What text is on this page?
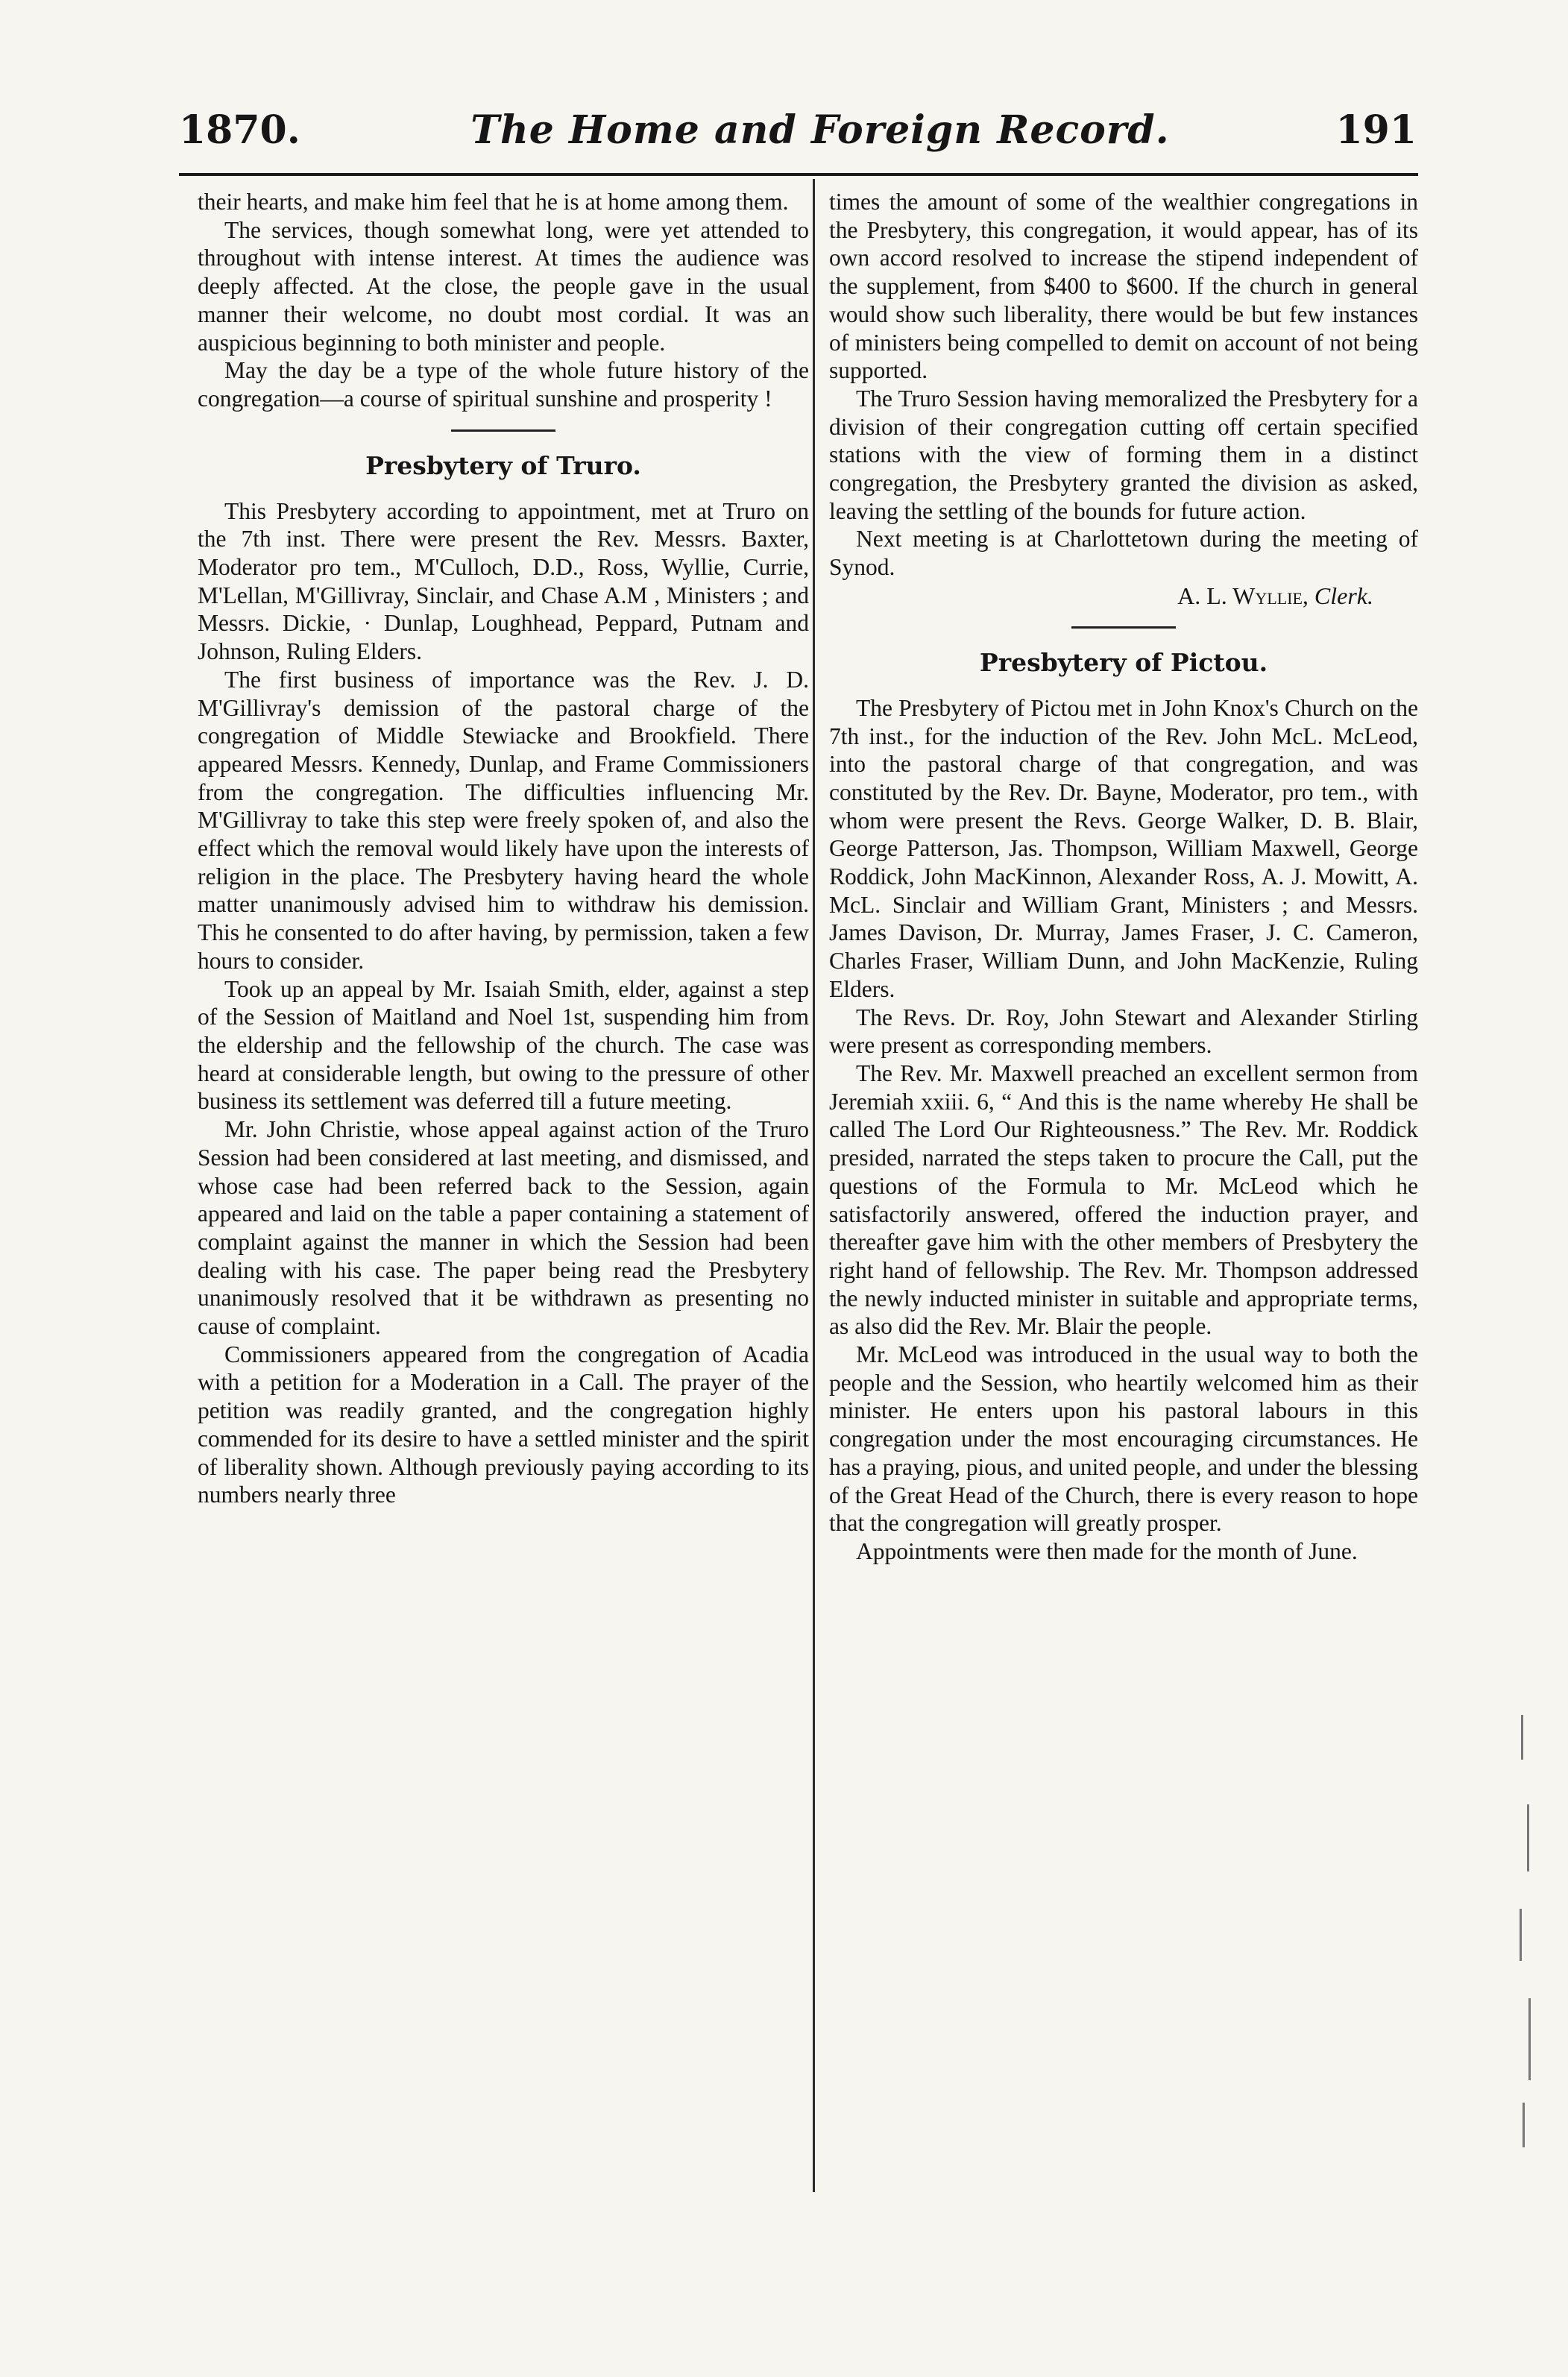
1870.	The Home and Foreign Record.	191

their hearts, and make him feel that he is at home among them.

The services, though somewhat long, were yet attended to throughout with intense interest. At times the audience was deeply affected. At the close, the people gave in the usual manner their welcome, no doubt most cordial. It was an auspicious beginning to both minister and people.

May the day be a type of the whole future history of the congregation—a course of spiritual sunshine and prosperity !

Presbytery of Truro.

This Presbytery according to appointment, met at Truro on the 7th inst. There were present the Rev. Messrs. Baxter, Moderator pro tem., M'Culloch, D.D., Ross, Wyllie, Currie, M'Lellan, M'Gillivray, Sinclair, and Chase A.M , Ministers ; and Messrs. Dickie, · Dunlap, Loughhead, Peppard, Putnam and Johnson, Ruling Elders.

The first business of importance was the Rev. J. D. M'Gillivray's demission of the pastoral charge of the congregation of Middle Stewiacke and Brookfield. There appeared Messrs. Kennedy, Dunlap, and Frame Commissioners from the congregation. The difficulties influencing Mr. M'Gillivray to take this step were freely spoken of, and also the effect which the removal would likely have upon the interests of religion in the place. The Presbytery having heard the whole matter unanimously advised him to withdraw his demission. This he consented to do after having, by permission, taken a few hours to consider.

Took up an appeal by Mr. Isaiah Smith, elder, against a step of the Session of Maitland and Noel 1st, suspending him from the eldership and the fellowship of the church. The case was heard at considerable length, but owing to the pressure of other business its settlement was deferred till a future meeting.

Mr. John Christie, whose appeal against action of the Truro Session had been considered at last meeting, and dismissed, and whose case had been referred back to the Session, again appeared and laid on the table a paper containing a statement of complaint against the manner in which the Session had been dealing with his case. The paper being read the Presbytery unanimously resolved that it be withdrawn as presenting no cause of complaint.

Commissioners appeared from the congregation of Acadia with a petition for a Moderation in a Call. The prayer of the petition was readily granted, and the congregation highly commended for its desire to have a settled minister and the spirit of liberality shown. Although previously paying according to its numbers nearly three

times the amount of some of the wealthier congregations in the Presbytery, this congregation, it would appear, has of its own accord resolved to increase the stipend independent of the supplement, from $400 to $600. If the church in general would show such liberality, there would be but few instances of ministers being compelled to demit on account of not being supported.

The Truro Session having memoralized the Presbytery for a division of their congregation cutting off certain specified stations with the view of forming them in a distinct congregation, the Presbytery granted the division as asked, leaving the settling of the bounds for future action.

Next meeting is at Charlottetown during the meeting of Synod.

A. L. Wyllie, Clerk.
Presbytery of Pictou.

The Presbytery of Pictou met in John Knox's Church on the 7th inst., for the induction of the Rev. John McL. McLeod, into the pastoral charge of that congregation, and was constituted by the Rev. Dr. Bayne, Moderator, pro tem., with whom were present the Revs. George Walker, D. B. Blair, George Patterson, Jas. Thompson, William Maxwell, George Roddick, John MacKinnon, Alexander Ross, A. J. Mowitt, A. McL. Sinclair and William Grant, Ministers ; and Messrs. James Davison, Dr. Murray, James Fraser, J. C. Cameron, Charles Fraser, William Dunn, and John MacKenzie, Ruling Elders.

The Revs. Dr. Roy, John Stewart and Alexander Stirling were present as corresponding members.

The Rev. Mr. Maxwell preached an excellent sermon from Jeremiah xxiii. 6, “ And this is the name whereby He shall be called The Lord Our Righteousness.” The Rev. Mr. Roddick presided, narrated the steps taken to procure the Call, put the questions of the Formula to Mr. McLeod which he satisfactorily answered, offered the induction prayer, and thereafter gave him with the other members of Presbytery the right hand of fellowship. The Rev. Mr. Thompson addressed the newly inducted minister in suitable and appropriate terms, as also did the Rev. Mr. Blair the people.

Mr. McLeod was introduced in the usual way to both the people and the Session, who heartily welcomed him as their minister. He enters upon his pastoral labours in this congregation under the most encouraging circumstances. He has a praying, pious, and united people, and under the blessing of the Great Head of the Church, there is every reason to hope that the congregation will greatly prosper.

Appointments were then made for the month of June.
